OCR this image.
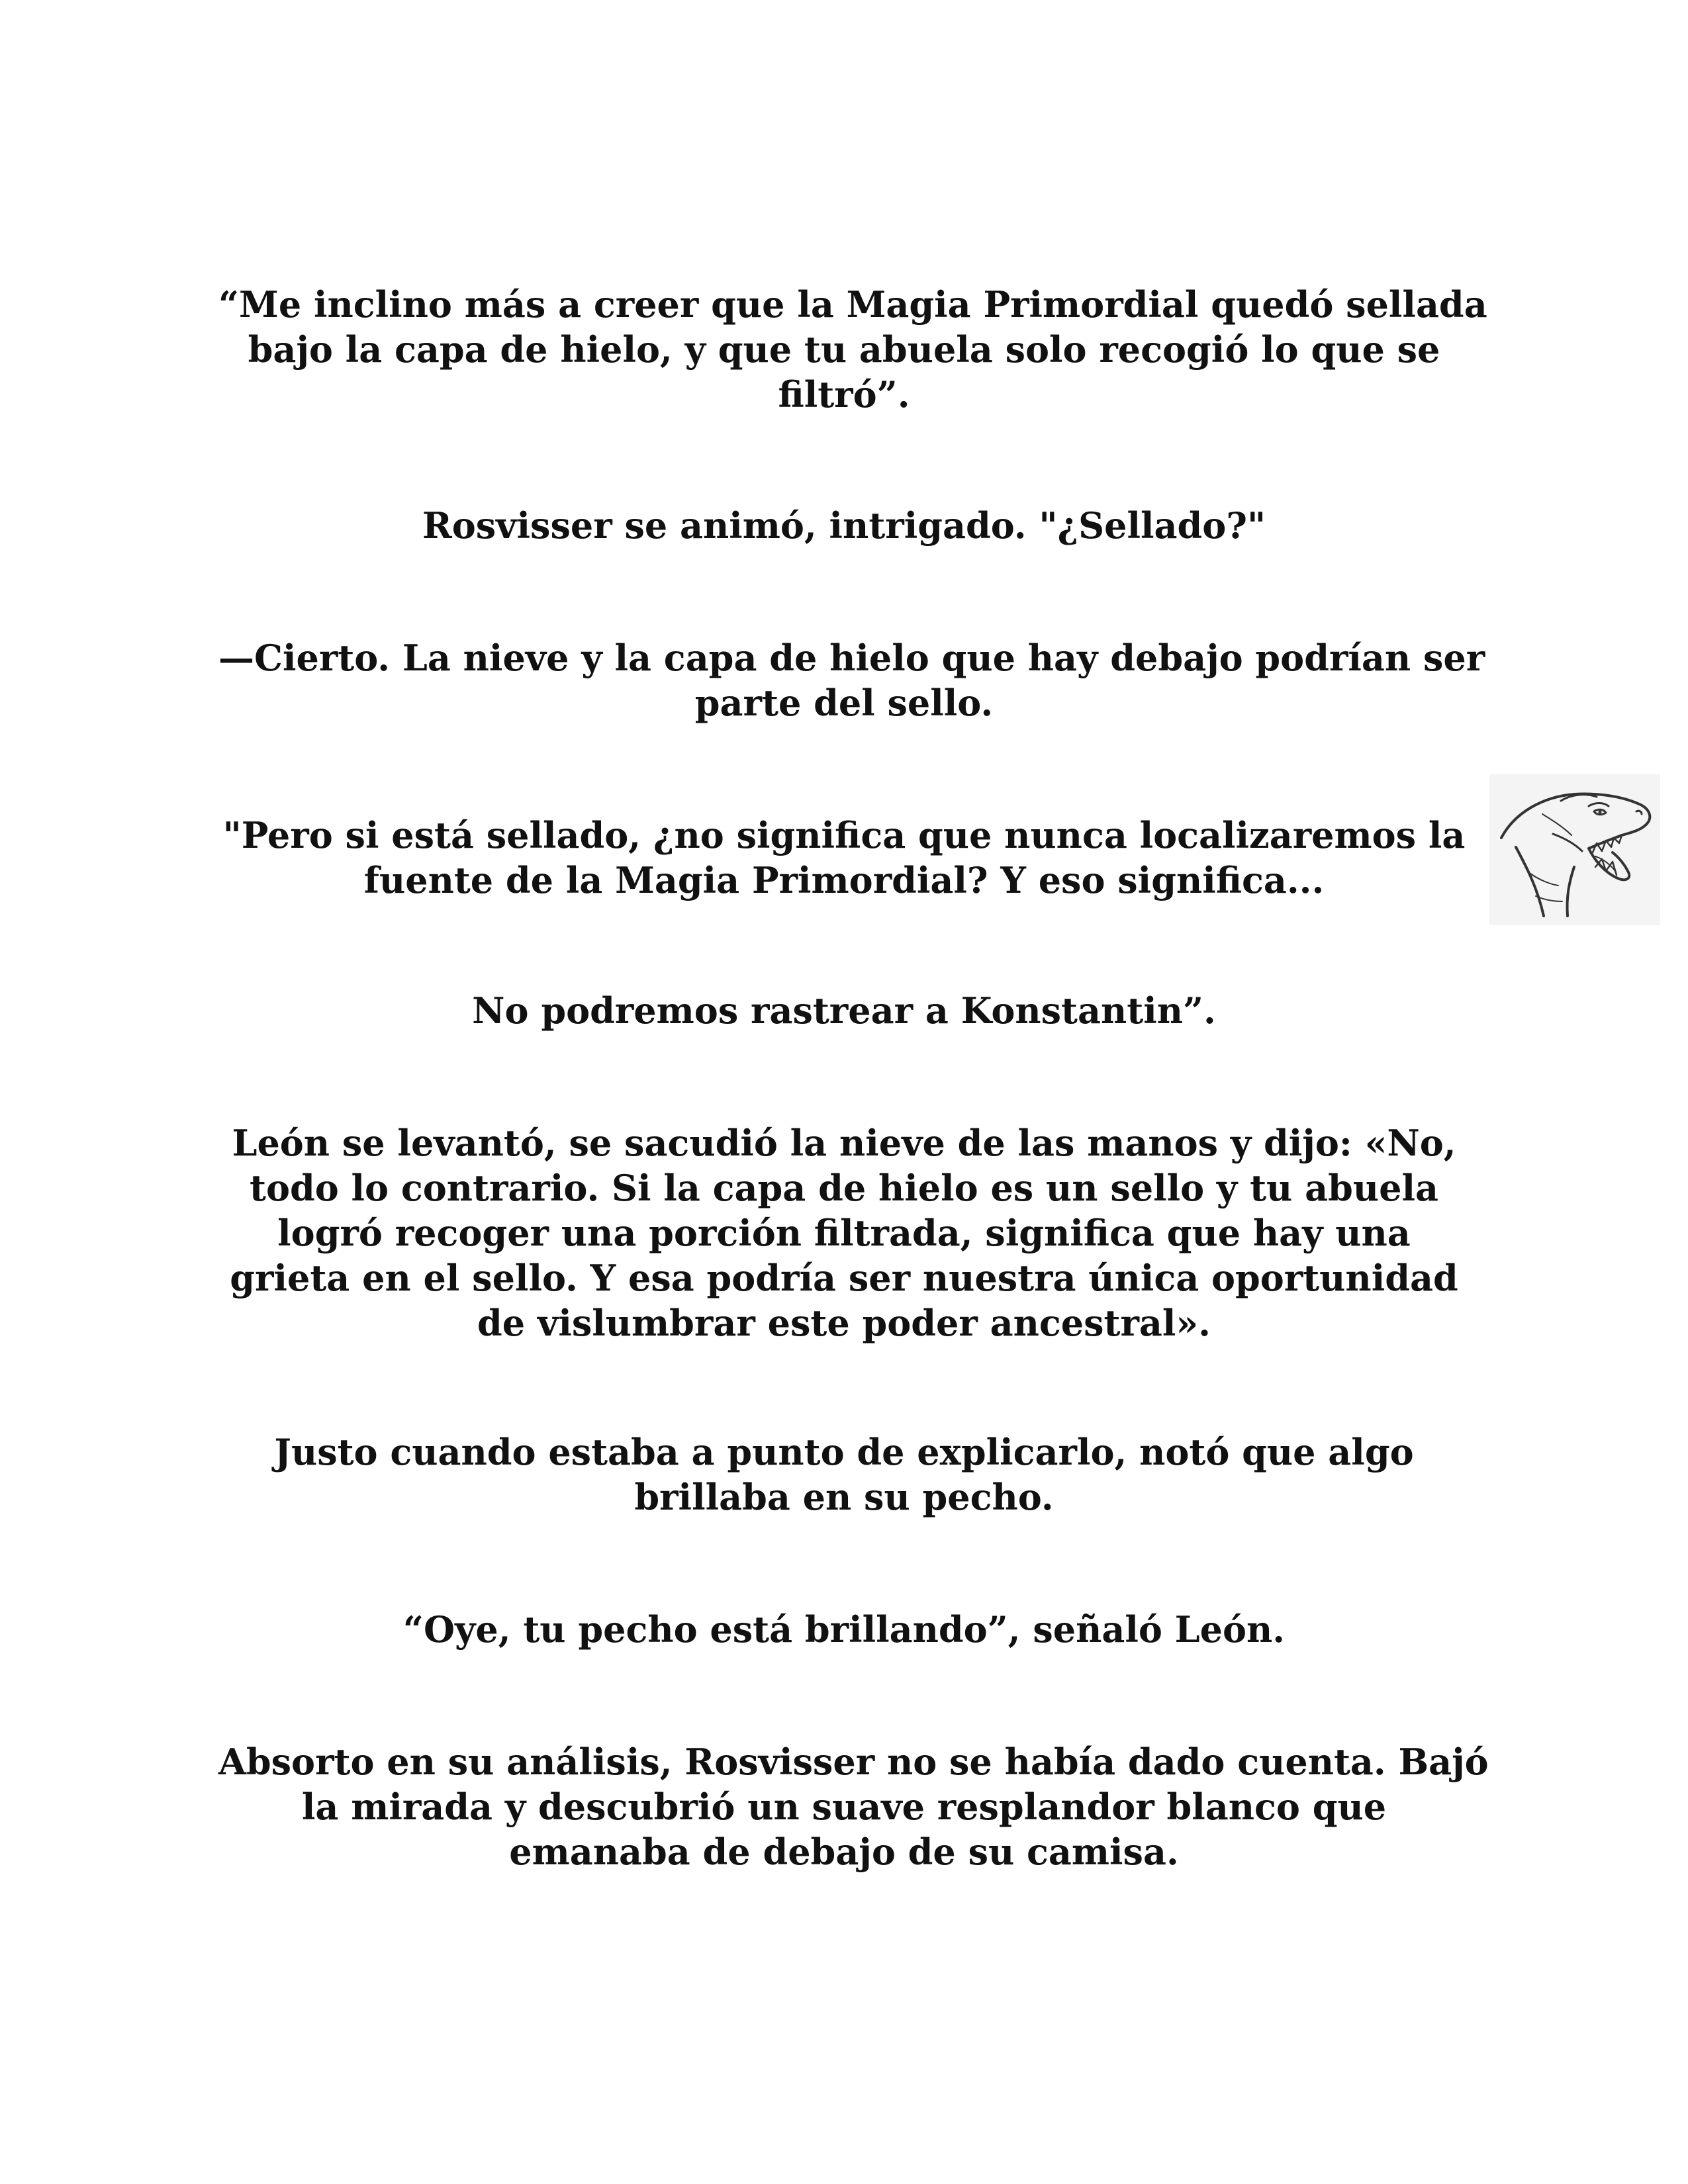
“Me inclino más a creer que la Magia Primordial quedó sellada
bajo la capa de hielo, y que tu abuela solo recogió lo que se
filtró”.

Rosvisser se animó, intrigado. "¿Sellado?"

—Cierto. La nieve y la capa de hielo que hay debajo podrían ser
parte del sello.

"Pero si está sellado, ¿no significa que nunca localizaremos la
fuente de la Magia Primordial? Y eso significa...

No podremos rastrear a Konstantin”.

León se levantó, se sacudió la nieve de las manos y dijo: «No,
todo lo contrario. Si la capa de hielo es un sello y tu abuela
logró recoger una porción filtrada, significa que hay una
grieta en el sello. Y esa podría ser nuestra única oportunidad
de vislumbrar este poder ancestral».

Justo cuando estaba a punto de explicarlo, notó que algo
brillaba en su pecho.

“Oye, tu pecho está brillando”, señaló León.

Absorto en su análisis, Rosvisser no se había dado cuenta. Bajó
la mirada y descubrió un suave resplandor blanco que
emanaba de debajo de su camisa.
